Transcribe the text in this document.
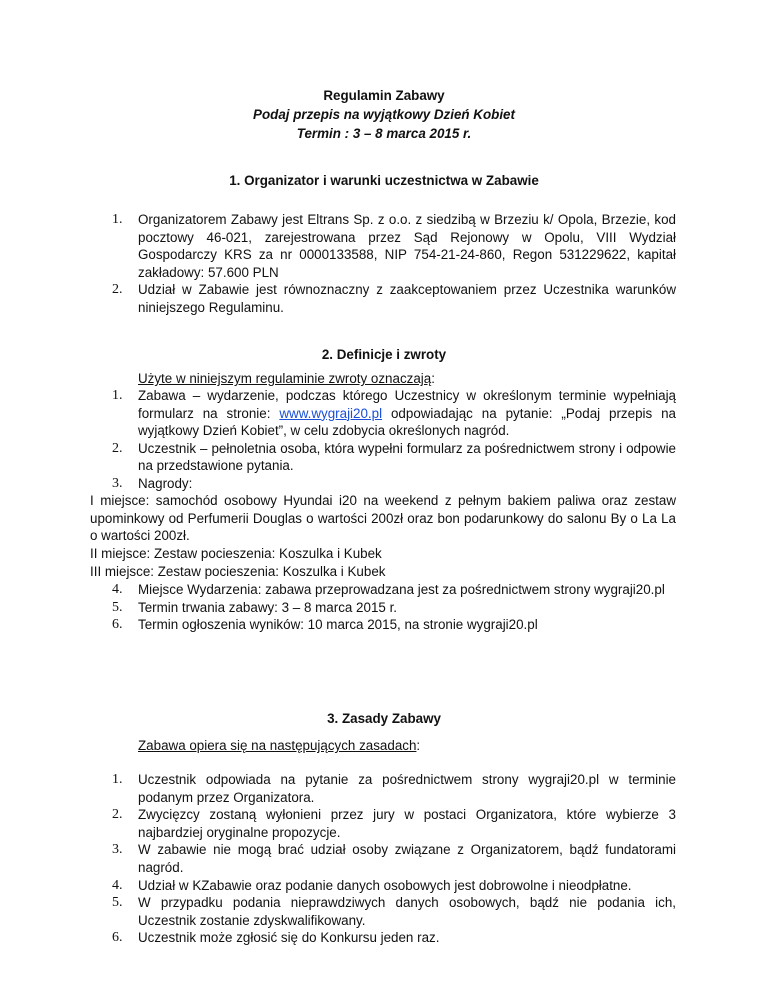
Regulamin Zabawy
Podaj przepis na wyjątkowy Dzień Kobiet
Termin : 3 – 8 marca 2015 r.
1. Organizator i warunki uczestnictwa w Zabawie
1. Organizatorem Zabawy jest Eltrans Sp. z o.o. z siedzibą w Brzeziu k/ Opola, Brzezie, kod pocztowy 46-021, zarejestrowana przez Sąd Rejonowy w Opolu, VIII Wydział Gospodarczy KRS za nr 0000133588, NIP 754-21-24-860, Regon 531229622, kapitał zakładowy: 57.600 PLN
2. Udział w Zabawie jest równoznaczny z zaakceptowaniem przez Uczestnika warunków niniejszego Regulaminu.
2. Definicje i zwroty
Użyte w niniejszym regulaminie zwroty oznaczają:
1. Zabawa – wydarzenie, podczas którego Uczestnicy w określonym terminie wypełniają formularz na stronie: www.wygraji20.pl odpowiadając na pytanie: „Podaj przepis na wyjątkowy Dzień Kobiet”, w celu zdobycia określonych nagród.
2. Uczestnik – pełnoletnia osoba, która wypełni formularz za pośrednictwem strony i odpowie na przedstawione pytania.
3. Nagrody:
I miejsce: samochód osobowy Hyundai i20 na weekend z pełnym bakiem paliwa oraz zestaw upominkowy od Perfumerii Douglas o wartości 200zł oraz bon podarunkowy do salonu By o La La o wartości 200zł.
II miejsce: Zestaw pocieszenia: Koszulka i Kubek
III miejsce: Zestaw pocieszenia: Koszulka i Kubek
4. Miejsce Wydarzenia: zabawa przeprowadzana jest za pośrednictwem strony wygraji20.pl
5. Termin trwania zabawy: 3 – 8 marca 2015 r.
6. Termin ogłoszenia wyników: 10 marca 2015, na stronie wygraji20.pl
3. Zasady Zabawy
Zabawa opiera się na następujących zasadach:
1. Uczestnik odpowiada na pytanie za pośrednictwem strony wygraji20.pl w terminie podanym przez Organizatora.
2. Zwycięzcy zostaną wyłonieni przez jury w postaci Organizatora, które wybierze 3 najbardziej oryginalne propozycje.
3. W zabawie nie mogą brać udział osoby związane z Organizatorem, bądź fundatorami nagród.
4. Udział w KZabawie oraz podanie danych osobowych jest dobrowolne i nieodpłatne.
5. W przypadku podania nieprawdziwych danych osobowych, bądź nie podania ich, Uczestnik zostanie zdyskwalifikowany.
6. Uczestnik może zgłosić się do Konkursu jeden raz.
